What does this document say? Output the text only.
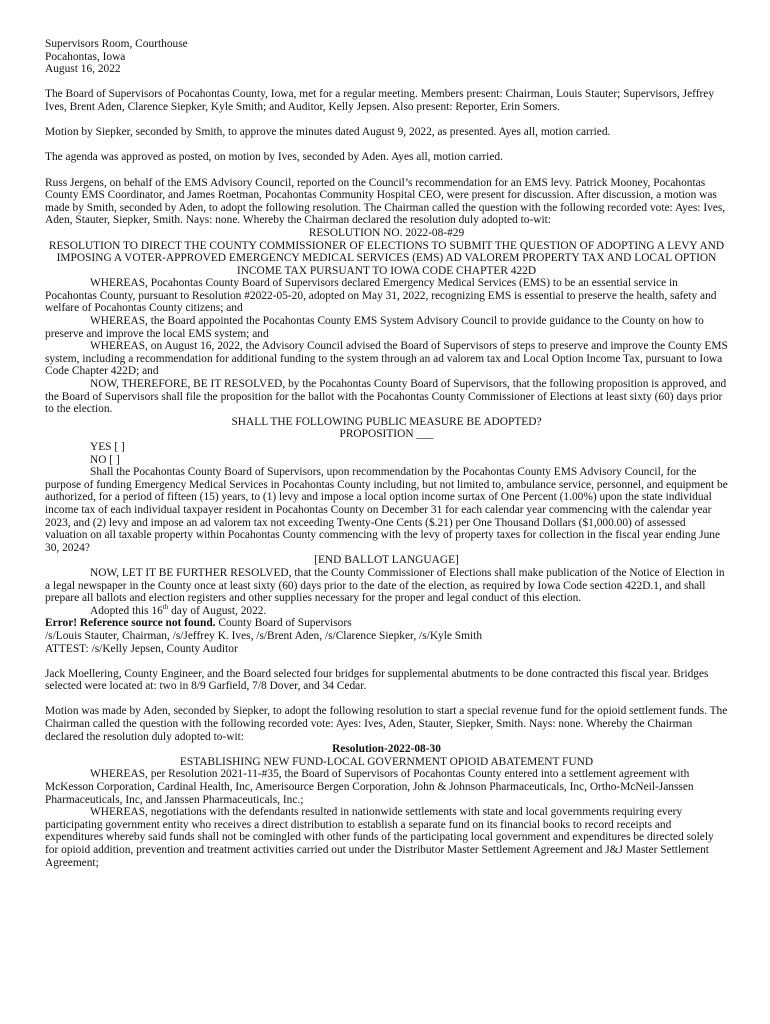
Supervisors Room, Courthouse

Pocahontas, Iowa

August 16, 2022

The Board of Supervisors of Pocahontas County, Iowa, met for a regular meeting. Members present: Chairman, Louis Stauter; Supervisors, Jeffrey Ives, Brent Aden, Clarence Siepker, Kyle Smith; and Auditor, Kelly Jepsen. Also present: Reporter, Erin Somers.

Motion by Siepker, seconded by Smith, to approve the minutes dated August 9, 2022, as presented. Ayes all, motion carried.

The agenda was approved as posted, on motion by Ives, seconded by Aden. Ayes all, motion carried.

Russ Jergens, on behalf of the EMS Advisory Council, reported on the Council’s recommendation for an EMS levy. Patrick Mooney, Pocahontas County EMS Coordinator, and James Roetman, Pocahontas Community Hospital CEO, were present for discussion. After discussion, a motion was made by Smith, seconded by Aden, to adopt the following resolution. The Chairman called the question with the following recorded vote: Ayes: Ives, Aden, Stauter, Siepker, Smith. Nays: none. Whereby the Chairman declared the resolution duly adopted to-wit:

RESOLUTION NO. 2022-08-#29

RESOLUTION TO DIRECT THE COUNTY COMMISSIONER OF ELECTIONS TO SUBMIT THE QUESTION OF ADOPTING A LEVY AND IMPOSING A VOTER-APPROVED EMERGENCY MEDICAL SERVICES (EMS) AD VALOREM PROPERTY TAX AND LOCAL OPTION INCOME TAX PURSUANT TO IOWA CODE CHAPTER 422D

WHEREAS, Pocahontas County Board of Supervisors declared Emergency Medical Services (EMS) to be an essential service in Pocahontas County, pursuant to Resolution #2022-05-20, adopted on May 31, 2022, recognizing EMS is essential to preserve the health, safety and welfare of Pocahontas County citizens; and

WHEREAS, the Board appointed the Pocahontas County EMS System Advisory Council to provide guidance to the County on how to preserve and improve the local EMS system; and

WHEREAS, on August 16, 2022, the Advisory Council advised the Board of Supervisors of steps to preserve and improve the County EMS system, including a recommendation for additional funding to the system through an ad valorem tax and Local Option Income Tax, pursuant to Iowa Code Chapter 422D; and

NOW, THEREFORE, BE IT RESOLVED, by the Pocahontas County Board of Supervisors, that the following proposition is approved, and the Board of Supervisors shall file the proposition for the ballot with the Pocahontas County Commissioner of Elections at least sixty (60) days prior to the election.

SHALL THE FOLLOWING PUBLIC MEASURE BE ADOPTED?

PROPOSITION ___

YES [ ]

NO [ ]

Shall the Pocahontas County Board of Supervisors, upon recommendation by the Pocahontas County EMS Advisory Council, for the purpose of funding Emergency Medical Services in Pocahontas County including, but not limited to, ambulance service, personnel, and equipment be authorized, for a period of fifteen (15) years, to (1) levy and impose a local option income surtax of One Percent (1.00%) upon the state individual income tax of each individual taxpayer resident in Pocahontas County on December 31 for each calendar year commencing with the calendar year 2023, and (2) levy and impose an ad valorem tax not exceeding Twenty-One Cents ($.21) per One Thousand Dollars ($1,000.00) of assessed valuation on all taxable property within Pocahontas County commencing with the levy of property taxes for collection in the fiscal year ending June 30, 2024?

[END BALLOT LANGUAGE]

NOW, LET IT BE FURTHER RESOLVED, that the County Commissioner of Elections shall make publication of the Notice of Election in a legal newspaper in the County once at least sixty (60) days prior to the date of the election, as required by Iowa Code section 422D.1, and shall prepare all ballots and election registers and other supplies necessary for the proper and legal conduct of this election.

Adopted this 16th day of August, 2022.

Error! Reference source not found. County Board of Supervisors

/s/Louis Stauter, Chairman, /s/Jeffrey K. Ives, /s/Brent Aden, /s/Clarence Siepker, /s/Kyle Smith

ATTEST: /s/Kelly Jepsen, County Auditor

Jack Moellering, County Engineer, and the Board selected four bridges for supplemental abutments to be done contracted this fiscal year. Bridges selected were located at: two in 8/9 Garfield, 7/8 Dover, and 34 Cedar.

Motion was made by Aden, seconded by Siepker, to adopt the following resolution to start a special revenue fund for the opioid settlement funds. The Chairman called the question with the following recorded vote: Ayes: Ives, Aden, Stauter, Siepker, Smith. Nays: none. Whereby the Chairman declared the resolution duly adopted to-wit:

Resolution-2022-08-30

ESTABLISHING NEW FUND-LOCAL GOVERNMENT OPIOID ABATEMENT FUND

WHEREAS, per Resolution 2021-11-#35, the Board of Supervisors of Pocahontas County entered into a settlement agreement with McKesson Corporation, Cardinal Health, Inc, Amerisource Bergen Corporation, John & Johnson Pharmaceuticals, Inc, Ortho-McNeil-Janssen Pharmaceuticals, Inc, and Janssen Pharmaceuticals, Inc.;

WHEREAS, negotiations with the defendants resulted in nationwide settlements with state and local governments requiring every participating government entity who receives a direct distribution to establish a separate fund on its financial books to record receipts and expenditures whereby said funds shall not be comingled with other funds of the participating local government and expenditures be directed solely for opioid addition, prevention and treatment activities carried out under the Distributor Master Settlement Agreement and J&J Master Settlement Agreement;
